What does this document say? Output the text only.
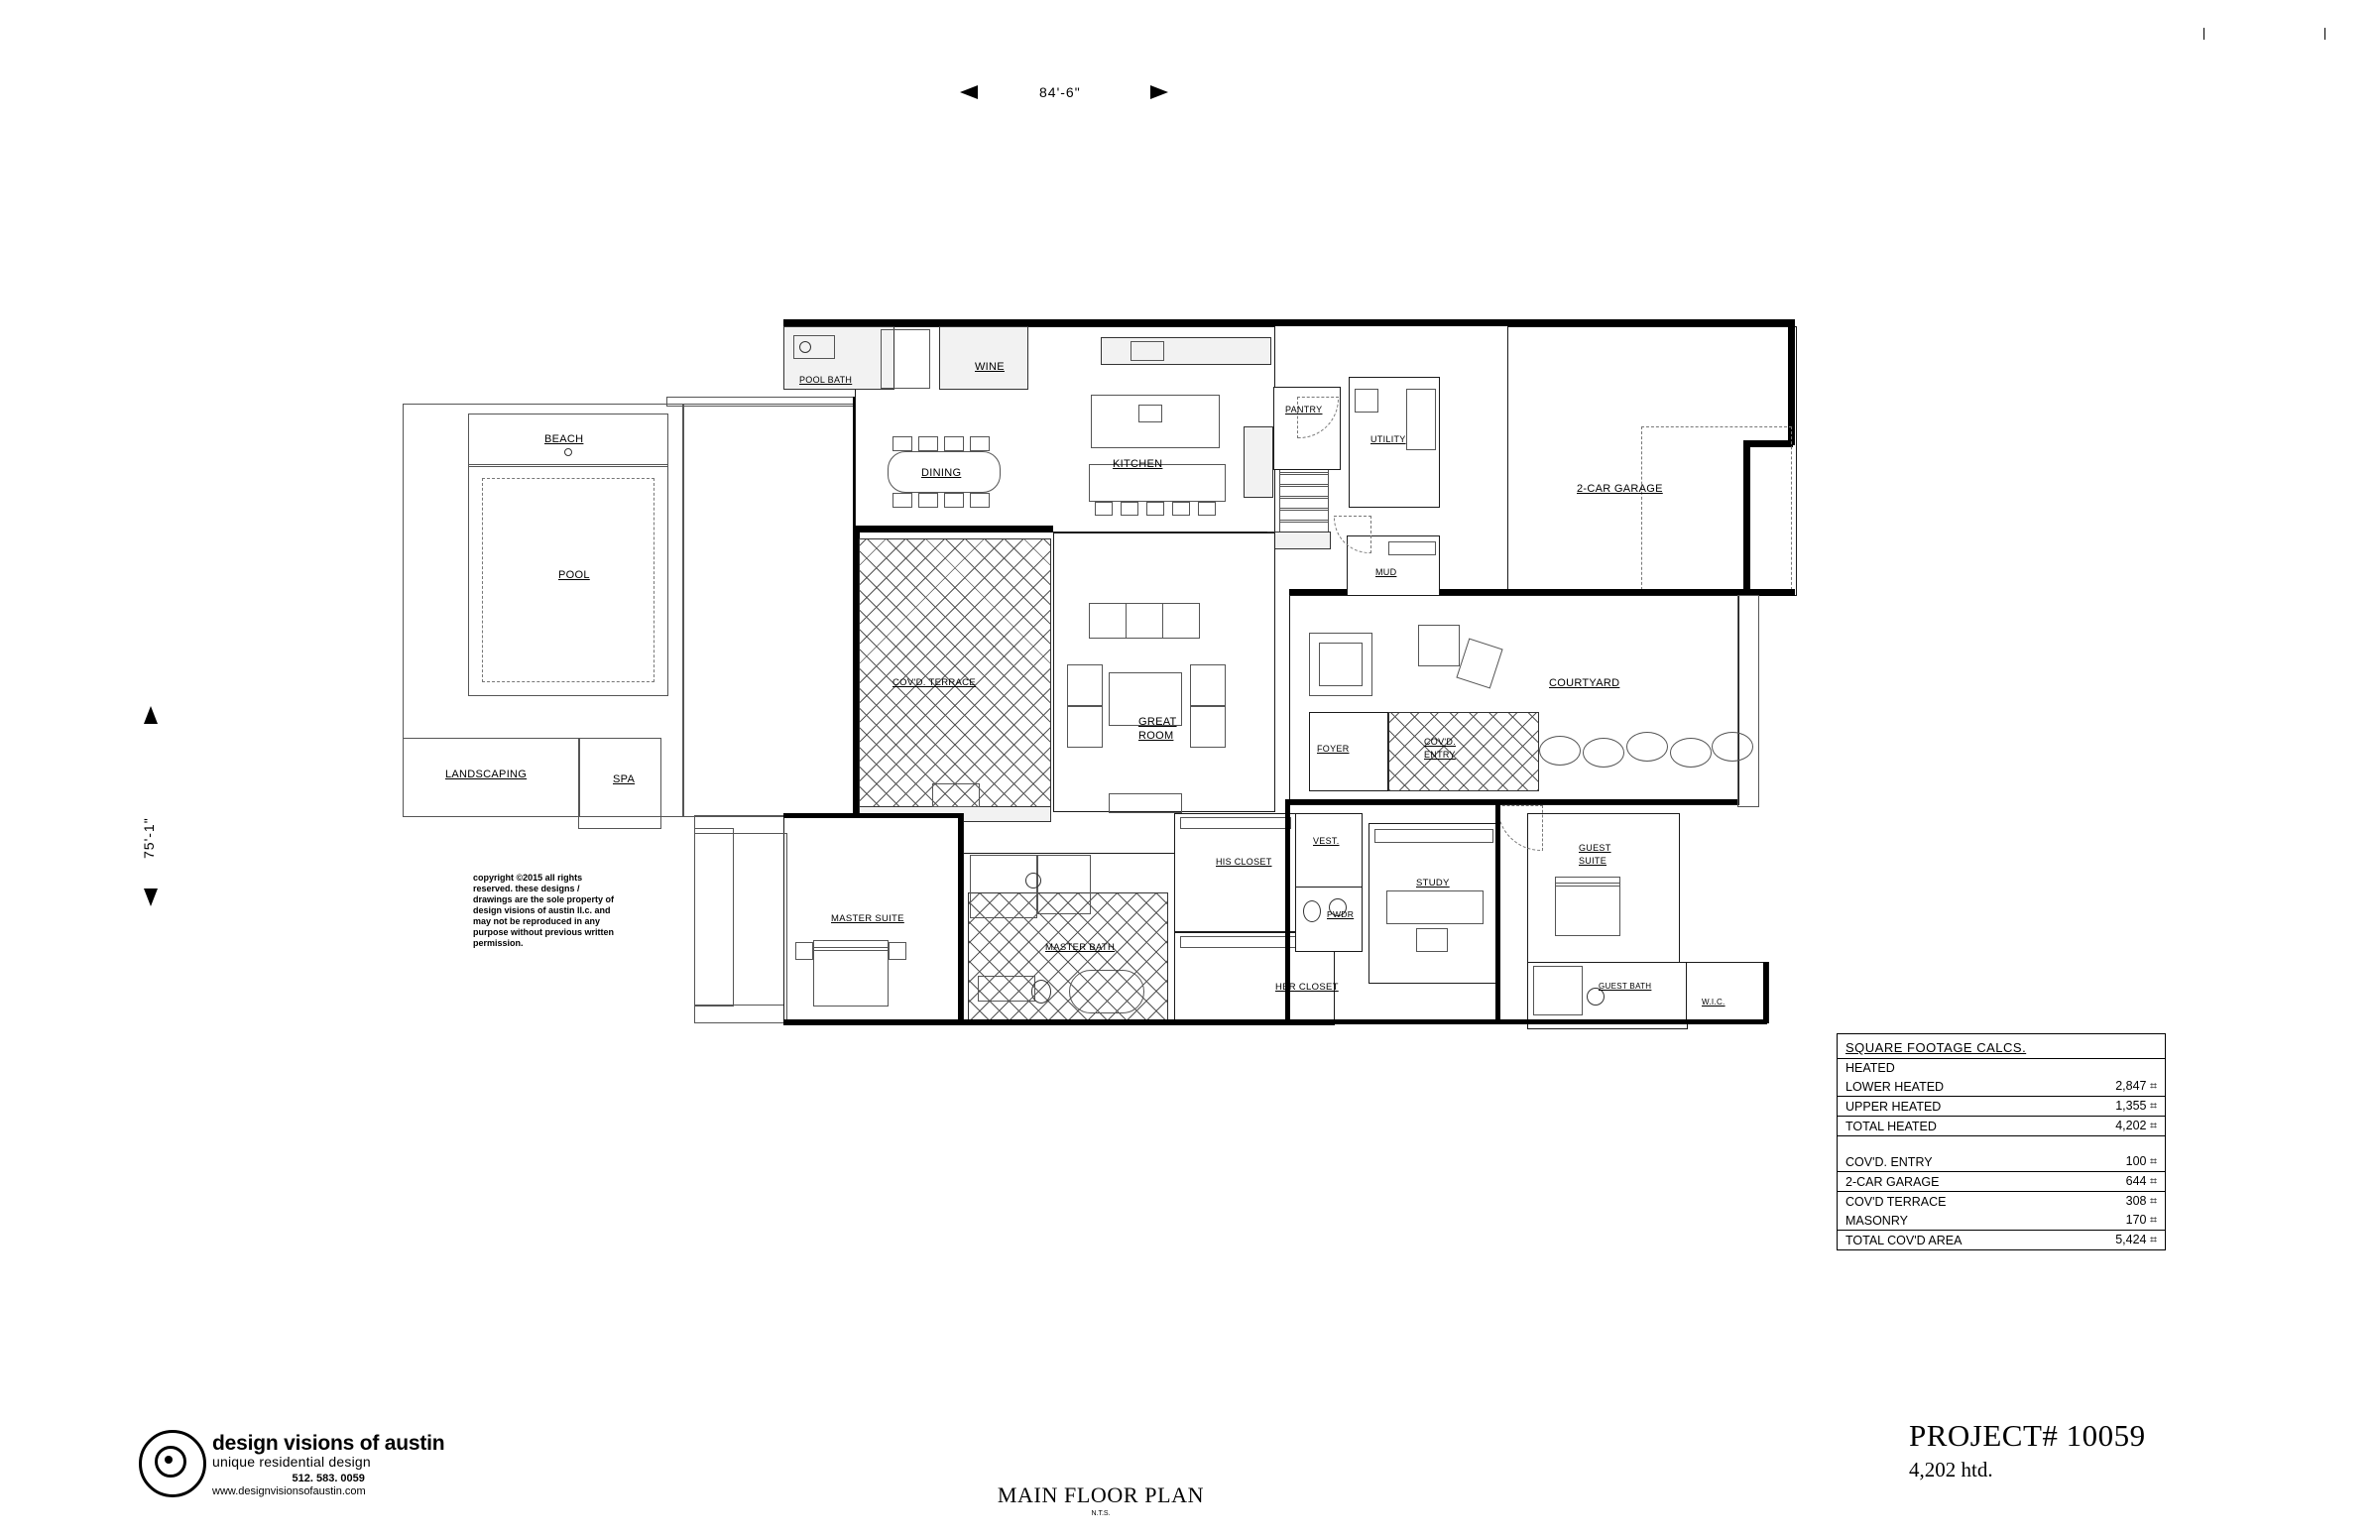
84'-6"
75'-1"
POOL BATH
WINE
PANTRY
UTILITY
2-CAR GARAGE
DINING
KITCHEN
MUD
BEACH
POOL
LANDSCAPING	SPA
COV'D. TERRACE
GREAT
ROOM
COURTYARD
FOYER
COV'D.
ENTRY
HIS CLOSET
VEST.
GUEST
SUITE
STUDY
PWDR
MASTER SUITE
MASTER BATH
HER CLOSET	GUEST BATH
W.I.C.
copyright ©2015 all rights reserved. these designs / drawings are the sole property of design visions of austin ll.c. and may not be reproduced in any purpose without previous written permission.
SQUARE FOOTAGE CALCS.

HEATED	
LOWER HEATED	2,847 ⌗
UPPER HEATED	1,355 ⌗
TOTAL HEATED	4,202 ⌗

COV'D. ENTRY	100 ⌗
2-CAR GARAGE	644 ⌗
COV'D TERRACE	308 ⌗
MASONRY	170 ⌗
TOTAL COV'D AREA	5,424 ⌗
design visions of austin
unique residential design
512. 583. 0059
www.designvisionsofaustin.com	MAIN FLOOR PLAN
N.T.S.
PROJECT# 10059
4,202 htd.
